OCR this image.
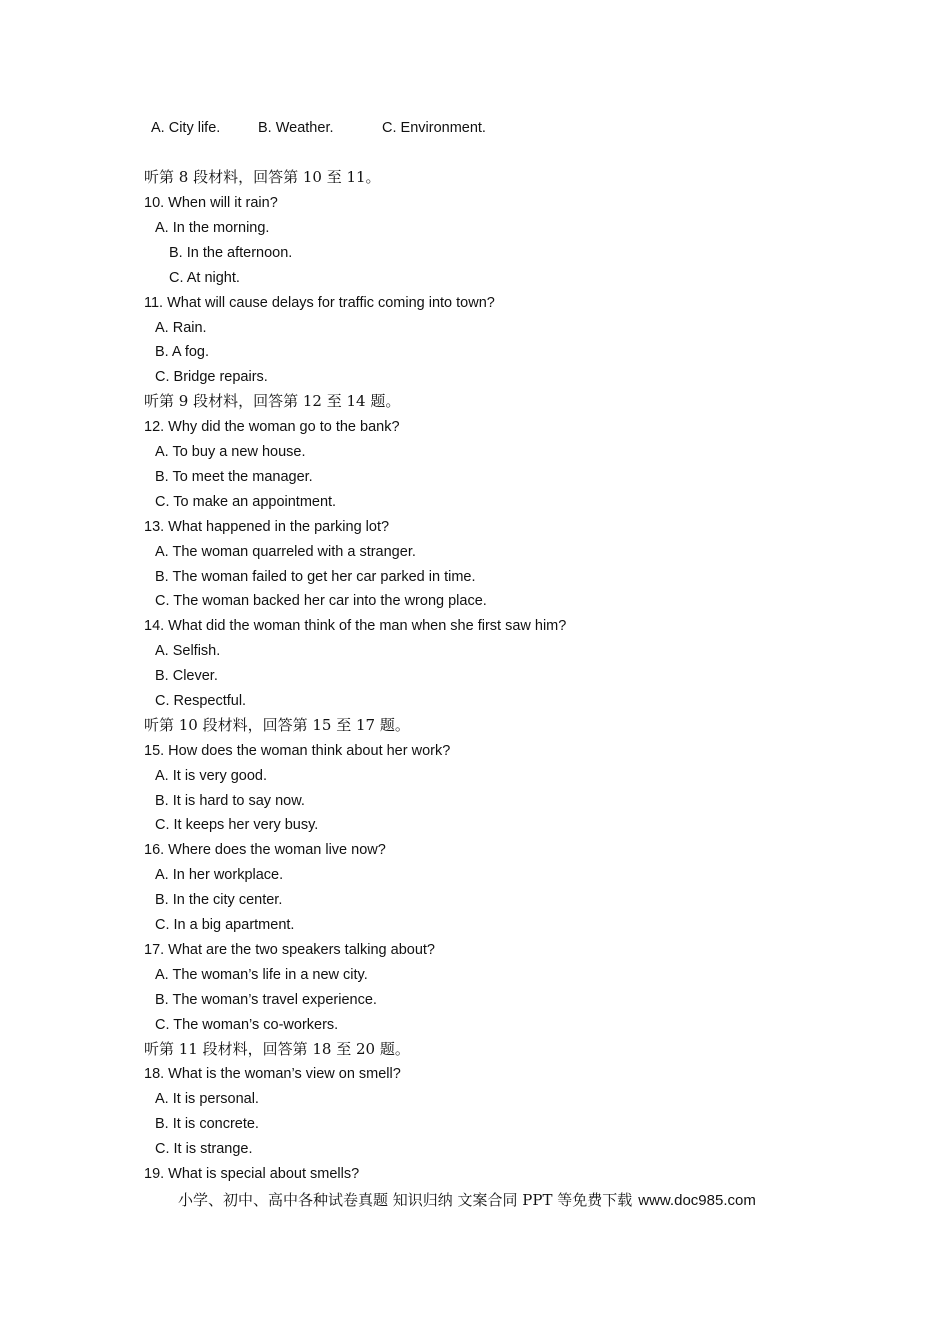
A. City life.	B. Weather.	C. Environment.
听第 8 段材料，回答第 10 至 11。
10. When will it rain?
A. In the morning.
B. In the afternoon.
C. At night.
11. What will cause delays for traffic coming into town?
A. Rain.
B. A fog.
C. Bridge repairs.
听第 9 段材料，回答第 12 至 14 题。
12. Why did the woman go to the bank?
A. To buy a new house.
B. To meet the manager.
C. To make an appointment.
13. What happened in the parking lot?
A. The woman quarreled with a stranger.
B. The woman failed to get her car parked in time.
C. The woman backed her car into the wrong place.
14. What did the woman think of the man when she first saw him?
A. Selfish.
B. Clever.
C. Respectful.
听第 10 段材料，回答第 15 至 17 题。
15. How does the woman think about her work?
A. It is very good.
B. It is hard to say now.
C. It keeps her very busy.
16. Where does the woman live now?
A. In her workplace.
B. In the city center.
C. In a big apartment.
17. What are the two speakers talking about?
A. The woman’s life in a new city.
B. The woman’s travel experience.
C. The woman’s co-workers.
听第 11 段材料，回答第 18 至 20 题。
18. What is the woman’s view on smell?
A. It is personal.
B. It is concrete.
C. It is strange.
19. What is special about smells?
小学、初中、高中各种试卷真题 知识归纳 文案合同 PPT 等免费下载 www.doc985.com
